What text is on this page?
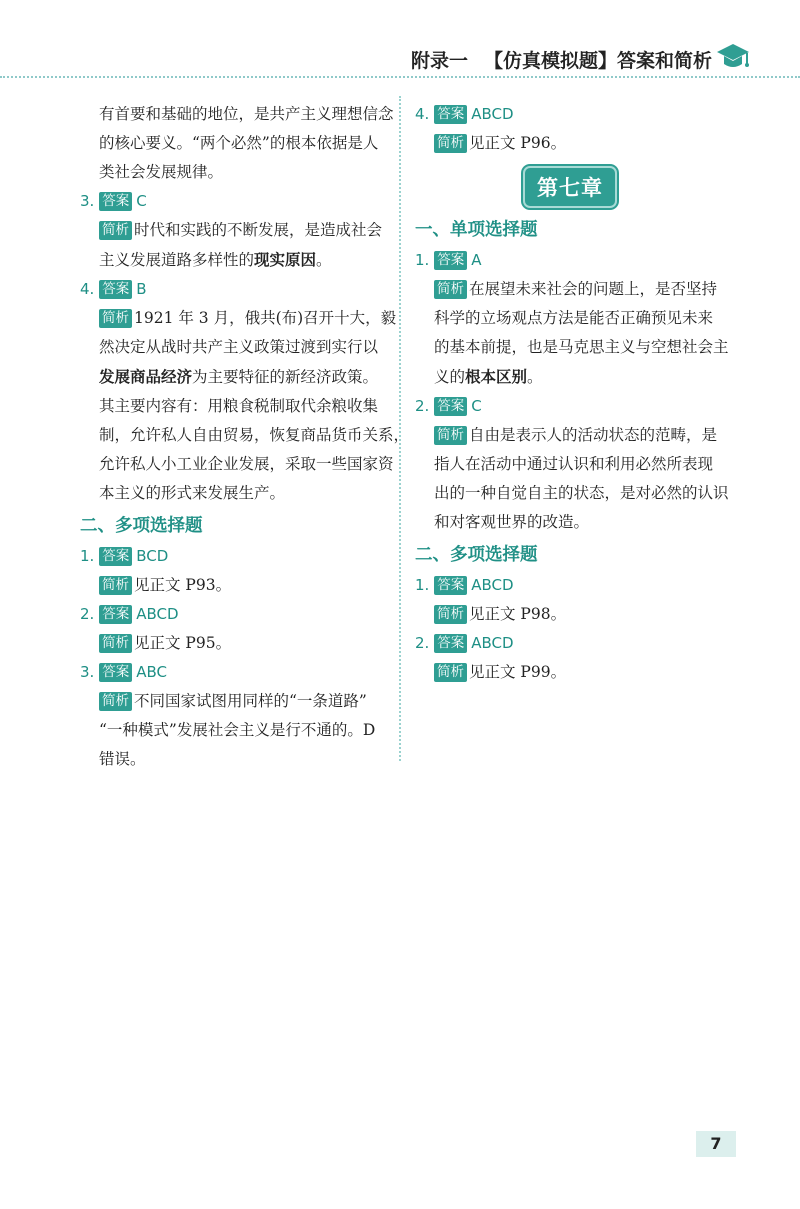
附录一 【仿真模拟题】答案和简析
有首要和基础的地位，是共产主义理想信念
的核心要义。“两个必然”的根本依据是人
类社会发展规律。
3. 答案 C
简析 时代和实践的不断发展，是造成社会
主义发展道路多样性的现实原因。
4. 答案 B
简析 1921 年 3 月，俄共(布)召开十大，毅
然决定从战时共产主义政策过渡到实行以
发展商品经济为主要特征的新经济政策。
其主要内容有：用粮食税制取代余粮收集
制，允许私人自由贸易，恢复商品货币关系，
允许私人小工业企业发展，采取一些国家资
本主义的形式来发展生产。
二、多项选择题
1. 答案 BCD
简析 见正文 P93。
2. 答案 ABCD
简析 见正文 P95。
3. 答案 ABC
简析 不同国家试图用同样的“一条道路”
“一种模式”发展社会主义是行不通的。D
错误。
4. 答案 ABCD
简析 见正文 P96。
第七章
一、单项选择题
1. 答案 A
简析 在展望未来社会的问题上，是否坚持
科学的立场观点方法是能否正确预见未来
的基本前提，也是马克思主义与空想社会主
义的根本区别。
2. 答案 C
简析 自由是表示人的活动状态的范畴，是
指人在活动中通过认识和利用必然所表现
出的一种自觉自主的状态，是对必然的认识
和对客观世界的改造。
二、多项选择题
1. 答案 ABCD
简析 见正文 P98。
2. 答案 ABCD
简析 见正文 P99。
7
